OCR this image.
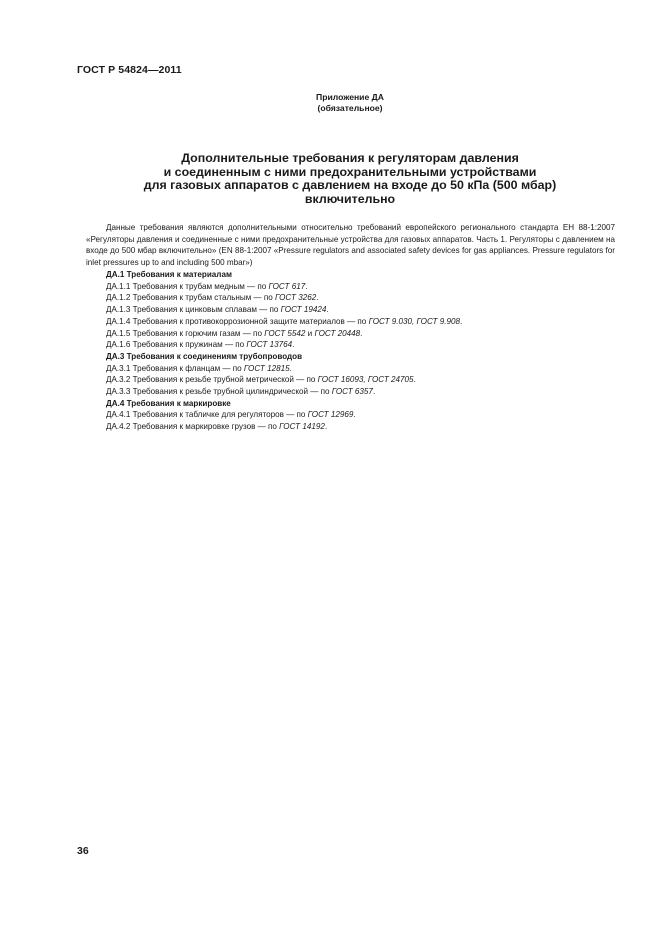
ГОСТ Р 54824—2011
Приложение ДА
(обязательное)
Дополнительные требования к регуляторам давления
и соединенным с ними предохранительными устройствами
для газовых аппаратов с давлением на входе до 50 кПа (500 мбар)
включительно
Данные требования являются дополнительными относительно требований европейского регионального стандарта ЕН 88-1:2007 «Регуляторы давления и соединенные с ними предохранительные устройства для газовых аппаратов. Часть 1. Регуляторы с давлением на входе до 500 мбар включительно» (EN 88-1:2007 «Pressure regulators and associated safety devices for gas appliances. Pressure regulators for inlet pressures up to and including 500 mbar»)
ДА.1 Требования к материалам
ДА.1.1 Требования к трубам медным — по ГОСТ 617.
ДА.1.2 Требования к трубам стальным — по ГОСТ 3262.
ДА.1.3 Требования к цинковым сплавам — по ГОСТ 19424.
ДА.1.4 Требования к противокоррозионной защите материалов — по ГОСТ 9.030, ГОСТ 9.908.
ДА.1.5 Требования к горючим газам — по ГОСТ 5542 и ГОСТ 20448.
ДА.1.6 Требования к пружинам — по ГОСТ 13764.
ДА.3 Требования к соединениям трубопроводов
ДА.3.1 Требования к фланцам — по ГОСТ 12815.
ДА.3.2 Требования к резьбе трубной метрической — по ГОСТ 16093, ГОСТ 24705.
ДА.3.3 Требования к резьбе трубной цилиндрической — по ГОСТ 6357.
ДА.4 Требования к маркировке
ДА.4.1 Требования к табличке для регуляторов — по ГОСТ 12969.
ДА.4.2 Требования к маркировке грузов — по ГОСТ 14192.
36
